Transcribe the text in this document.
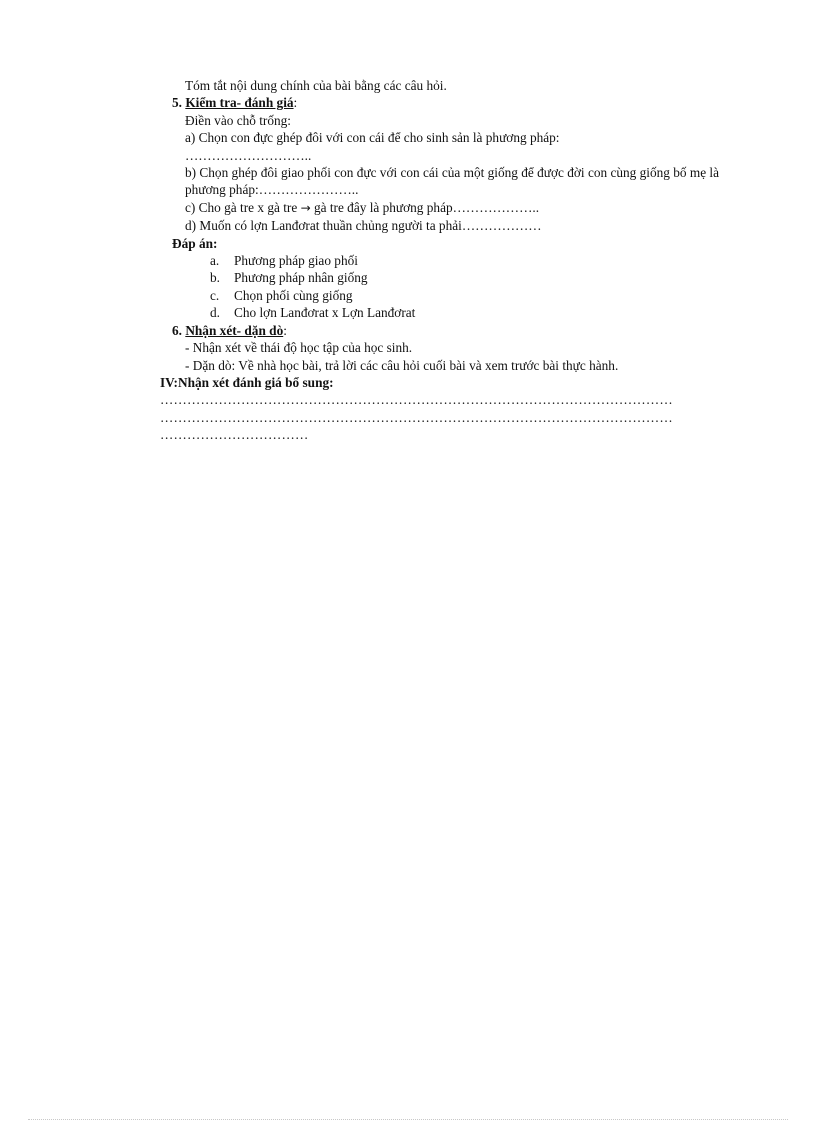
Tóm tắt nội dung chính của bài bằng các câu hỏi.
5. Kiểm tra- đánh giá:
Điền vào chỗ trống:
a) Chọn con đực ghép đôi với con cái để cho sinh sản là phương pháp:
………………………..
b) Chọn ghép đôi giao phối con đực với con cái của một giống để được đời con cùng giống bố mẹ là phương pháp:…………………..
c) Cho gà tre x gà tre → gà tre đây là phương pháp………………..
d) Muốn có lợn Lanđơrat thuần chủng người ta phải………………
Đáp án:
a. Phương pháp giao phối
b. Phương pháp nhân giống
c. Chọn phối cùng giống
d. Cho lợn Lanđơrat x Lợn Lanđơrat
6. Nhận xét- dặn dò:
- Nhận xét về thái độ học tập của học sinh.
- Dặn dò: Về nhà học bài, trả lời các câu hỏi cuối bài và xem trước bài thực hành.
IV:Nhận xét đánh giá bổ sung:
……………………………………………………………………………………………………
……………………………………………………………………………………………………
……………………………
